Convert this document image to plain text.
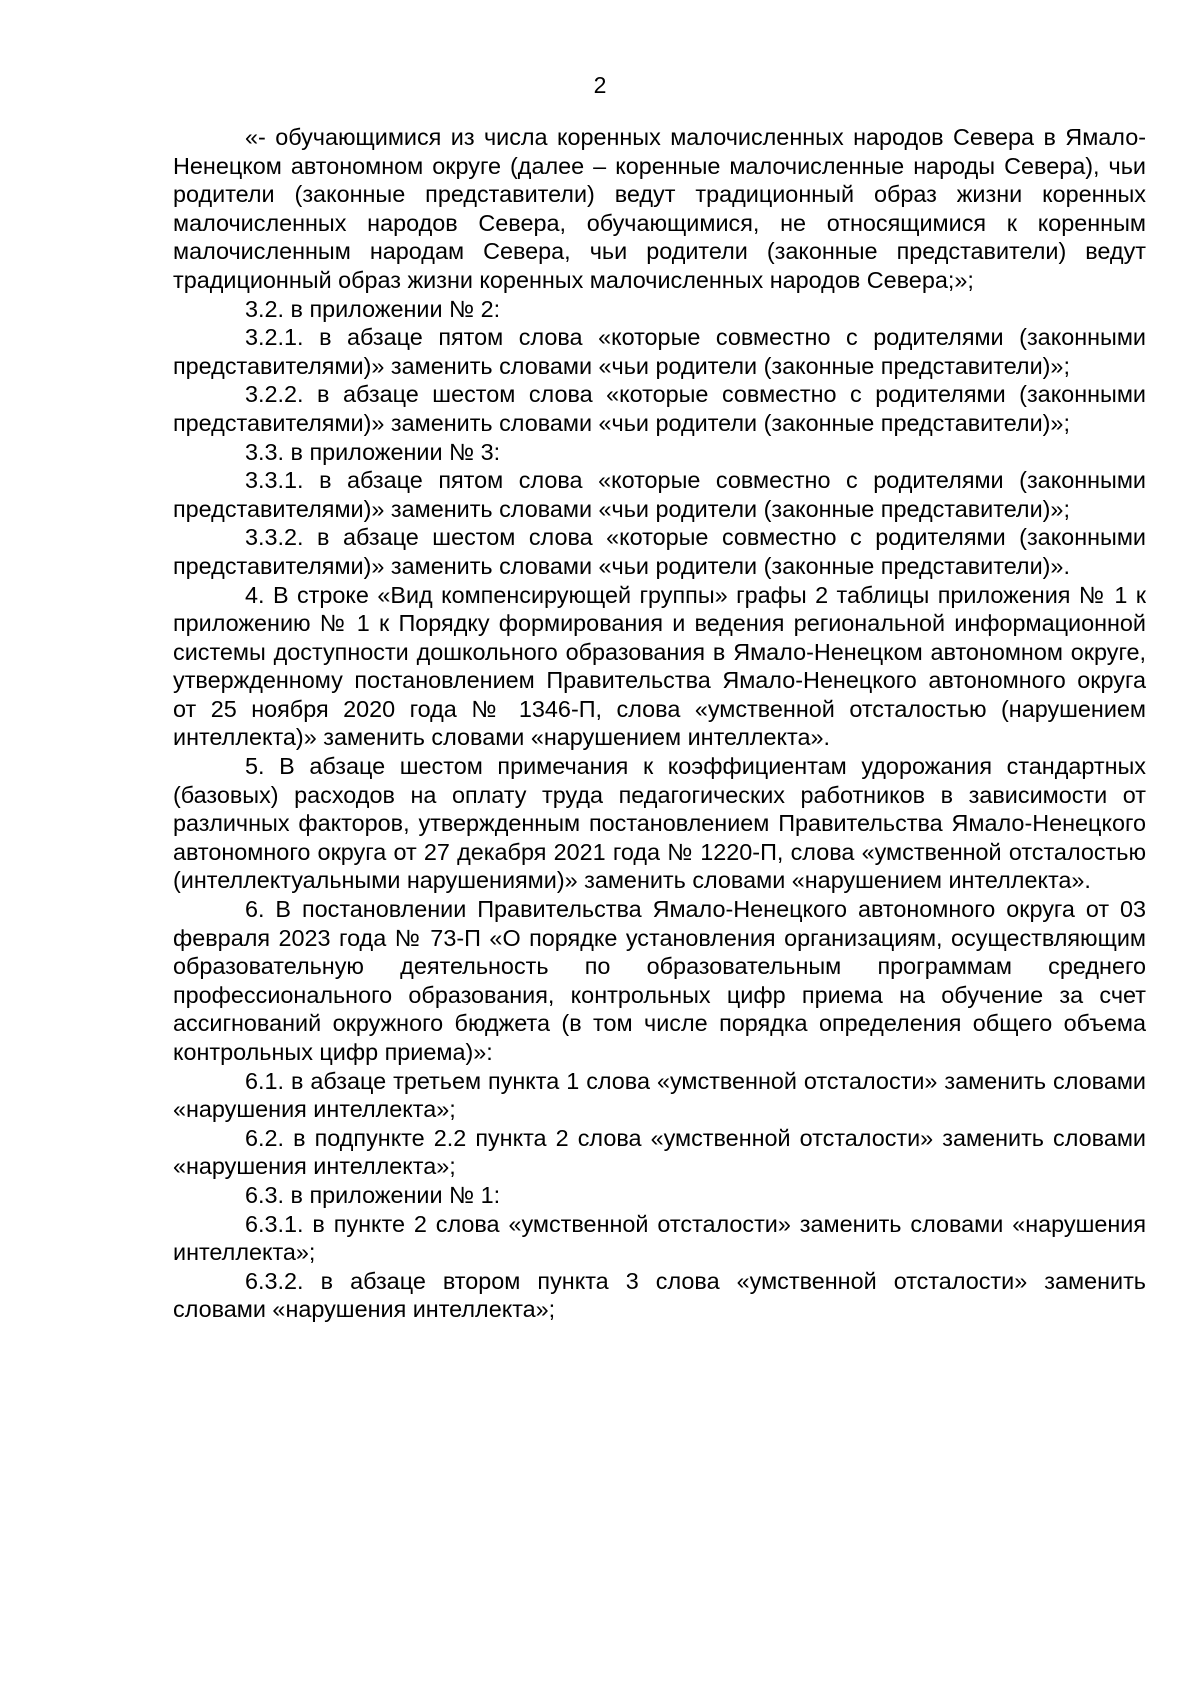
2

«- обучающимися из числа коренных малочисленных народов Севера в Ямало-Ненецком автономном округе (далее – коренные малочисленные народы Севера), чьи родители (законные представители) ведут традиционный образ жизни коренных малочисленных народов Севера, обучающимися, не относящимися к коренным малочисленным народам Севера, чьи родители (законные представители) ведут традиционный образ жизни коренных малочисленных народов Севера;»;

3.2. в приложении № 2:

3.2.1. в абзаце пятом слова «которые совместно с родителями (законными представителями)» заменить словами «чьи родители (законные представители)»;

3.2.2. в абзаце шестом слова «которые совместно с родителями (законными представителями)» заменить словами «чьи родители (законные представители)»;

3.3. в приложении № 3:

3.3.1. в абзаце пятом слова «которые совместно с родителями (законными представителями)» заменить словами «чьи родители (законные представители)»;

3.3.2. в абзаце шестом слова «которые совместно с родителями (законными представителями)» заменить словами «чьи родители (законные представители)».

4. В строке «Вид компенсирующей группы» графы 2 таблицы приложения № 1 к приложению № 1 к Порядку формирования и ведения региональной информационной системы доступности дошкольного образования в Ямало-Ненецком автономном округе, утвержденному постановлением Правительства Ямало-Ненецкого автономного округа от 25 ноября 2020 года № 1346-П, слова «умственной отсталостью (нарушением интеллекта)» заменить словами «нарушением интеллекта».

5. В абзаце шестом примечания к коэффициентам удорожания стандартных (базовых) расходов на оплату труда педагогических работников в зависимости от различных факторов, утвержденным постановлением Правительства Ямало-Ненецкого автономного округа от 27 декабря 2021 года № 1220-П, слова «умственной отсталостью (интеллектуальными нарушениями)» заменить словами «нарушением интеллекта».

6. В постановлении Правительства Ямало-Ненецкого автономного округа от 03 февраля 2023 года № 73-П «О порядке установления организациям, осуществляющим образовательную деятельность по образовательным программам среднего профессионального образования, контрольных цифр приема на обучение за счет ассигнований окружного бюджета (в том числе порядка определения общего объема контрольных цифр приема)»:

6.1. в абзаце третьем пункта 1 слова «умственной отсталости» заменить словами «нарушения интеллекта»;

6.2. в подпункте 2.2 пункта 2 слова «умственной отсталости» заменить словами «нарушения интеллекта»;

6.3. в приложении № 1:

6.3.1. в пункте 2 слова «умственной отсталости» заменить словами «нарушения интеллекта»;

6.3.2. в абзаце втором пункта 3 слова «умственной отсталости» заменить словами «нарушения интеллекта»;
